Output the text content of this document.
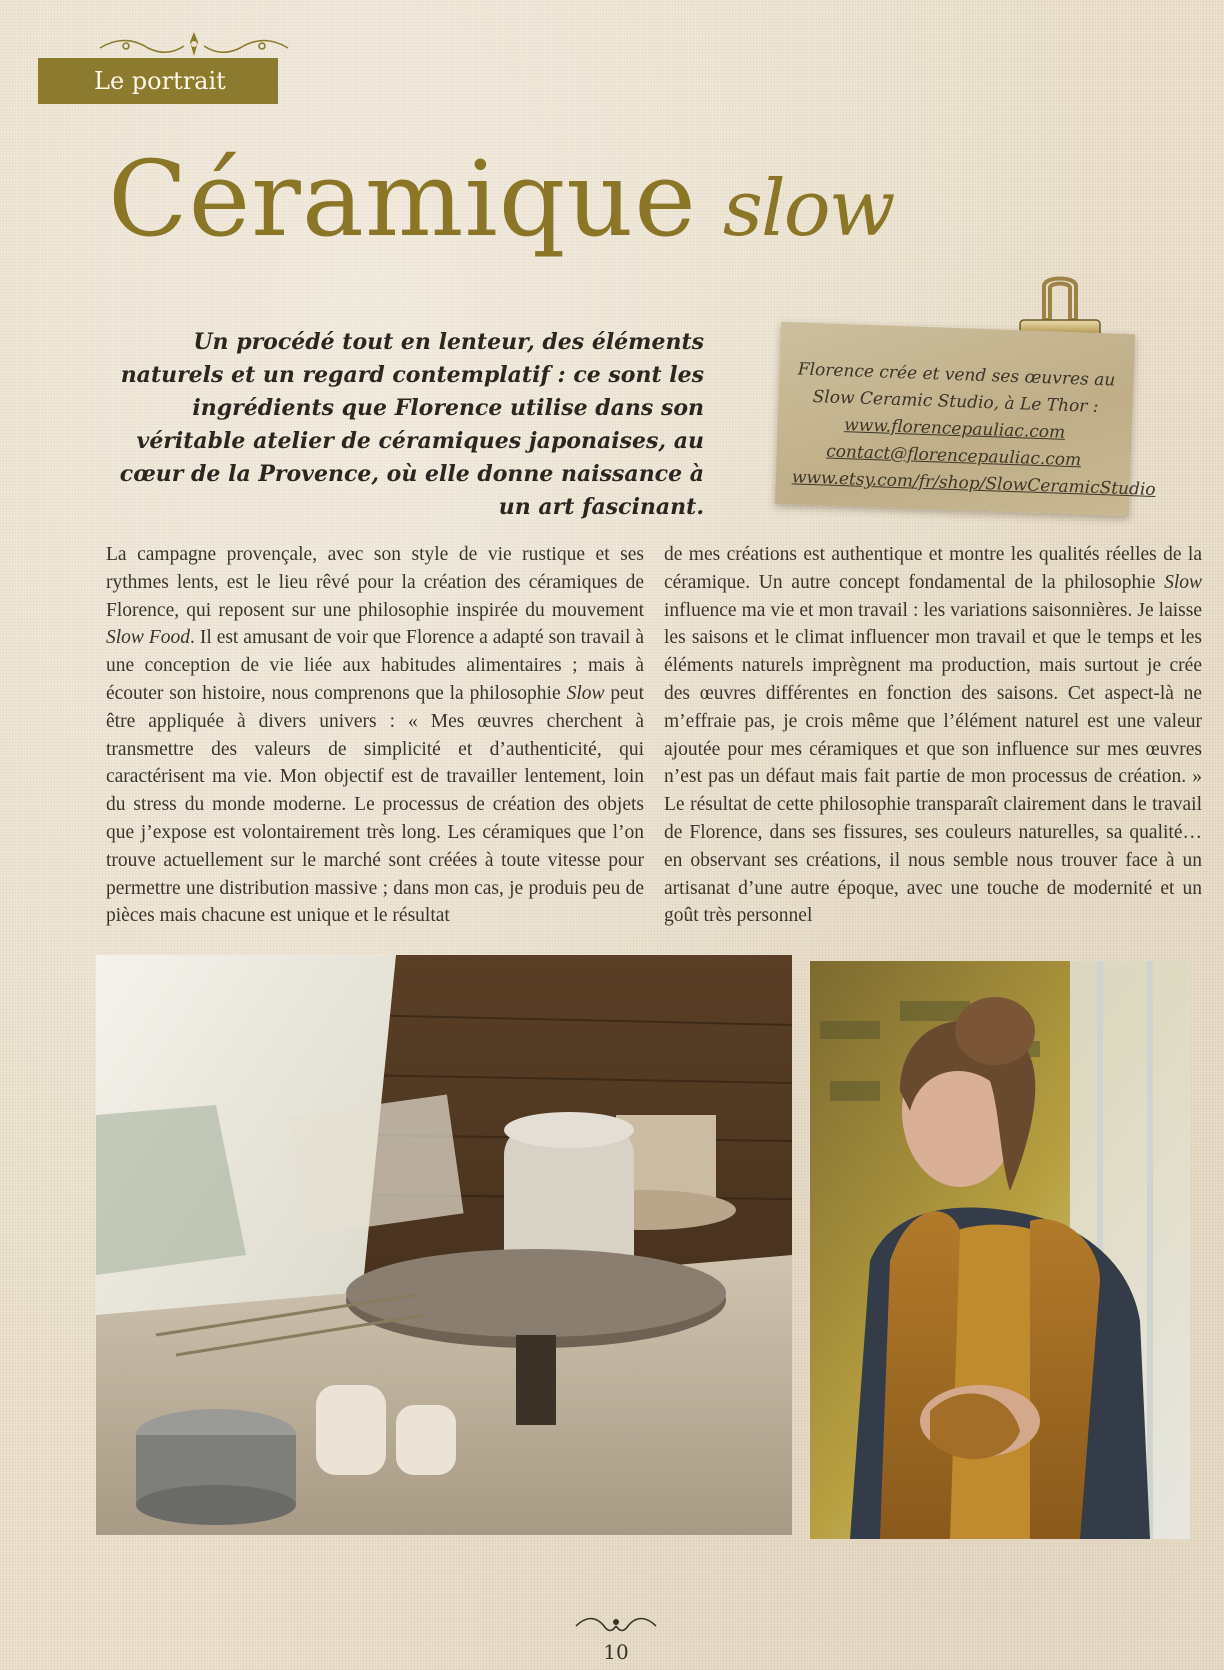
Le portrait
Céramique slow
Un procédé tout en lenteur, des éléments naturels et un regard contemplatif : ce sont les ingrédients que Florence utilise dans son véritable atelier de céramiques japonaises, au cœur de la Provence, où elle donne naissance à un art fascinant.
Florence crée et vend ses œuvres au
Slow Ceramic Studio, à Le Thor :
www.florencepauliac.com
contact@florencepauliac.com
www.etsy.com/fr/shop/SlowCeramicStudio
La campagne provençale, avec son style de vie rustique et ses rythmes lents, est le lieu rêvé pour la création des céramiques de Florence, qui reposent sur une philosophie inspirée du mouvement Slow Food. Il est amusant de voir que Florence a adapté son travail à une conception de vie liée aux habitudes alimentaires ; mais à écouter son histoire, nous comprenons que la philosophie Slow peut être appliquée à divers univers : « Mes œuvres cherchent à transmettre des valeurs de simplicité et d’authenticité, qui caractérisent ma vie. Mon objectif est de travailler lentement, loin du stress du monde moderne. Le processus de création des objets que j’expose est volontairement très long. Les céramiques que l’on trouve actuellement sur le marché sont créées à toute vitesse pour permettre une distribution massive ; dans mon cas, je produis peu de pièces mais chacune est unique et le résultat
de mes créations est authentique et montre les qualités réelles de la céramique. Un autre concept fondamental de la philosophie Slow influence ma vie et mon travail : les variations saisonnières. Je laisse les saisons et le climat influencer mon travail et que le temps et les éléments naturels imprègnent ma production, mais surtout je crée des œuvres différentes en fonction des saisons. Cet aspect-là ne m’effraie pas, je crois même que l’élément naturel est une valeur ajoutée pour mes céramiques et que son influence sur mes œuvres n’est pas un défaut mais fait partie de mon processus de création. » Le résultat de cette philosophie transparaît clairement dans le travail de Florence, dans ses fissures, ses couleurs naturelles, sa qualité… en observant ses créations, il nous semble nous trouver face à un artisanat d’une autre époque, avec une touche de modernité et un goût très personnel
10
